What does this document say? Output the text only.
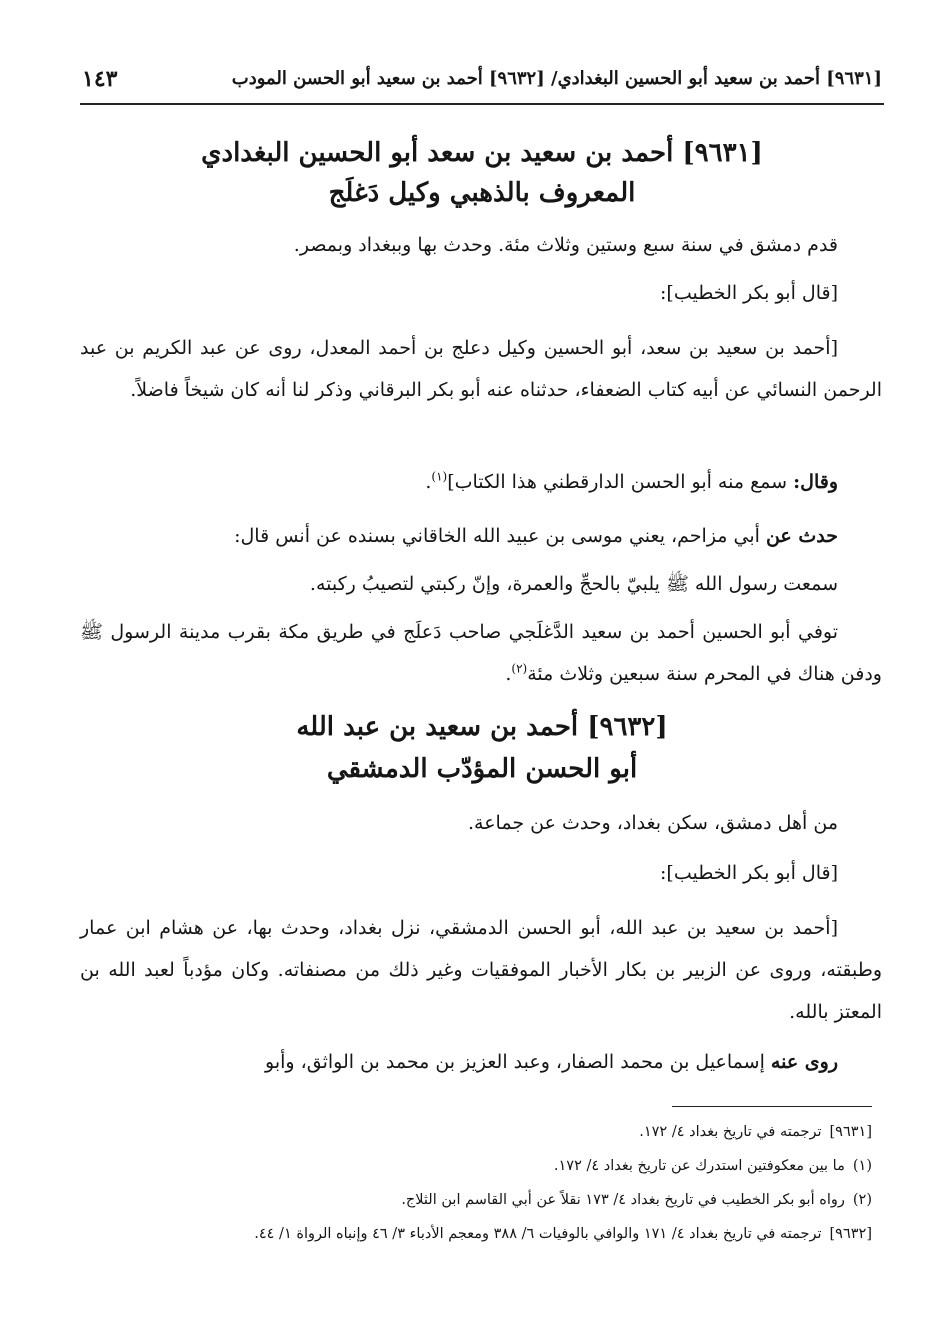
[٩٦٣١] أحمد بن سعيد أبو الحسين البغدادي/ [٩٦٣٢] أحمد بن سعيد أبو الحسن المودب
١٤٣
[٩٦٣١] أحمد بن سعيد بن سعد أبو الحسين البغدادي
المعروف بالذهبي وكيل دَغلَج
قدم دمشق في سنة سبع وستين وثلاث مئة. وحدث بها وببغداد وبمصر.
[قال أبو بكر الخطيب]:
[أحمد بن سعيد بن سعد، أبو الحسين وكيل دعلج بن أحمد المعدل، روى عن عبد الكريم بن عبد الرحمن النسائي عن أبيه كتاب الضعفاء، حدثناه عنه أبو بكر البرقاني وذكر لنا أنه كان شيخاً فاضلاً.
وقال: سمع منه أبو الحسن الدارقطني هذا الكتاب]$^{(١)}$.
حدث عن أبي مزاحم، يعني موسى بن عبيد الله الخاقاني بسنده عن أنس قال:
سمعت رسول الله ﷺ يلبيّ بالحجِّ والعمرة، وإنّ ركبتي لتصيبُ ركبته.
توفي أبو الحسين أحمد بن سعيد الدَّغلَجي صاحب دَعلَج في طريق مكة بقرب مدينة الرسول ﷺ ودفن هناك في المحرم سنة سبعين وثلاث مئة$^{(٢)}$.
[٩٦٣٢] أحمد بن سعيد بن عبد الله
أبو الحسن المؤدّب الدمشقي
من أهل دمشق، سكن بغداد، وحدث عن جماعة.
[قال أبو بكر الخطيب]:
[أحمد بن سعيد بن عبد الله، أبو الحسن الدمشقي، نزل بغداد، وحدث بها، عن هشام ابن عمار وطبقته، وروى عن الزبير بن بكار الأخبار الموفقيات وغير ذلك من مصنفاته. وكان مؤدباً لعبد الله بن المعتز بالله.
روى عنه إسماعيل بن محمد الصفار، وعبد العزيز بن محمد بن الواثق، وأبو
[٩٦٣١]ترجمته في تاريخ بغداد ٤/ ١٧٢.
(١)ما بين معكوفتين استدرك عن تاريخ بغداد ٤/ ١٧٢.
(٢)رواه أبو بكر الخطيب في تاريخ بغداد ٤/ ١٧٣ نقلاً عن أبي القاسم ابن الثلاج.
[٩٦٣٢]ترجمته في تاريخ بغداد ٤/ ١٧١ والوافي بالوفيات ٦/ ٣٨٨ ومعجم الأدباء ٣/ ٤٦ وإنباه الرواة ١/ ٤٤.
